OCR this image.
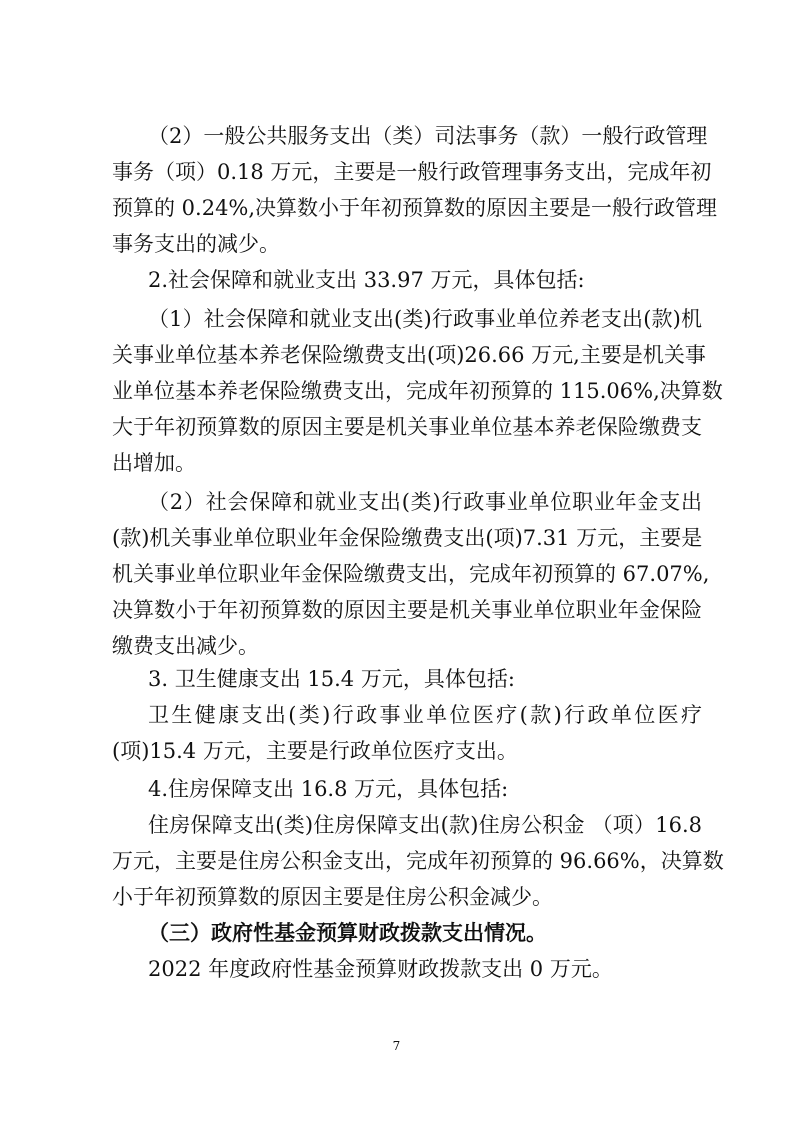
（2）一般公共服务支出（类）司法事务（款）一般行政管理
事务（项）0.18 万元，主要是一般行政管理事务支出，完成年初
预算的 0.24%,决算数小于年初预算数的原因主要是一般行政管理
事务支出的减少。
2.社会保障和就业支出 33.97 万元，具体包括:
（1）社会保障和就业支出(类)行政事业单位养老支出(款)机
关事业单位基本养老保险缴费支出(项)26.66 万元,主要是机关事
业单位基本养老保险缴费支出，完成年初预算的 115.06%,决算数
大于年初预算数的原因主要是机关事业单位基本养老保险缴费支
出增加。
（2）社会保障和就业支出(类)行政事业单位职业年金支出
(款)机关事业单位职业年金保险缴费支出(项)7.31 万元，主要是
机关事业单位职业年金保险缴费支出，完成年初预算的 67.07%,
决算数小于年初预算数的原因主要是机关事业单位职业年金保险
缴费支出减少。
3. 卫生健康支出 15.4 万元，具体包括:
卫生健康支出(类)行政事业单位医疗(款)行政单位医疗
(项)15.4 万元，主要是行政单位医疗支出。
4.住房保障支出 16.8 万元，具体包括:
住房保障支出(类)住房保障支出(款)住房公积金 （项）16.8
万元，主要是住房公积金支出，完成年初预算的 96.66%，决算数
小于年初预算数的原因主要是住房公积金减少。
（三）政府性基金预算财政拨款支出情况。
2022 年度政府性基金预算财政拨款支出 0 万元。
7
